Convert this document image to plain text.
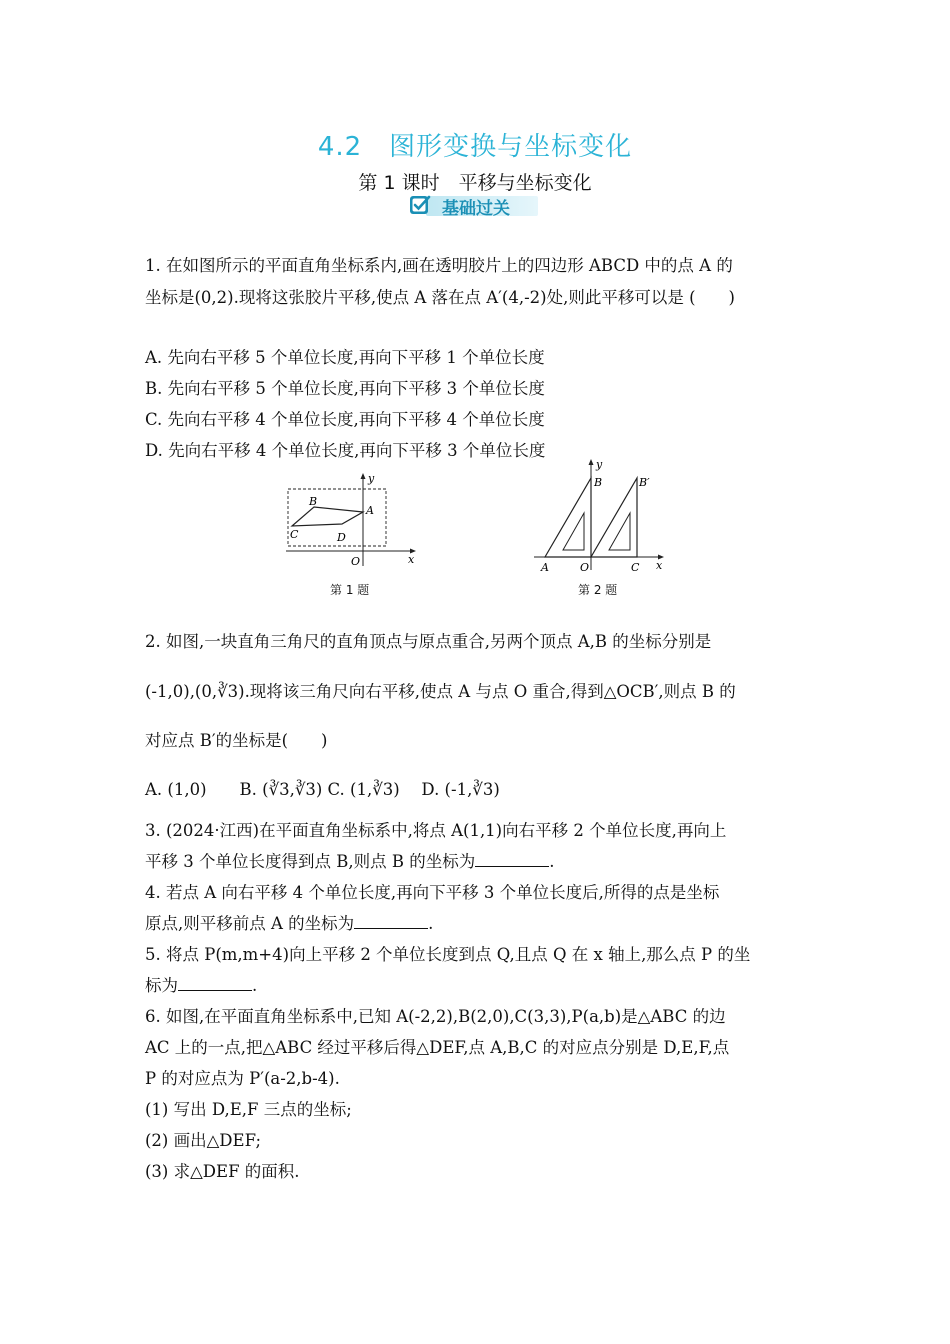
4.2　图形变换与坐标变化
第 1 课时　平移与坐标变化
基础过关
1. 在如图所示的平面直角坐标系内,画在透明胶片上的四边形 ABCD 中的点 A 的
坐标是(0,2).现将这张胶片平移,使点 A 落在点 A′(4,-2)处,则此平移可以是 (　　)
A. 先向右平移 5 个单位长度,再向下平移 1 个单位长度
B. 先向右平移 5 个单位长度,再向下平移 3 个单位长度
C. 先向右平移 4 个单位长度,再向下平移 4 个单位长度
D. 先向右平移 4 个单位长度,再向下平移 3 个单位长度
y
x
O
A
B
C	D
第 1 题
y
x
B	B′
A	O	C
第 2 题
2. 如图,一块直角三角尺的直角顶点与原点重合,另两个顶点 A,B 的坐标分别是
(-1,0),(0,∛3).现将该三角尺向右平移,使点 A 与点 O 重合,得到△OCB′,则点 B 的
对应点 B′的坐标是(　　)
A. (1,0)　　B. (∛3,∛3) C. (1,∛3)　 D. (-1,∛3)
3. (2024·江西)在平面直角坐标系中,将点 A(1,1)向右平移 2 个单位长度,再向上
平移 3 个单位长度得到点 B,则点 B 的坐标为	.
4. 若点 A 向右平移 4 个单位长度,再向下平移 3 个单位长度后,所得的点是坐标
原点,则平移前点 A 的坐标为	.
5. 将点 P(m,m+4)向上平移 2 个单位长度到点 Q,且点 Q 在 x 轴上,那么点 P 的坐
标为	.
6. 如图,在平面直角坐标系中,已知 A(-2,2),B(2,0),C(3,3),P(a,b)是△ABC 的边
AC 上的一点,把△ABC 经过平移后得△DEF,点 A,B,C 的对应点分别是 D,E,F,点
P 的对应点为 P′(a-2,b-4).
(1) 写出 D,E,F 三点的坐标;
(2) 画出△DEF;
(3) 求△DEF 的面积.
